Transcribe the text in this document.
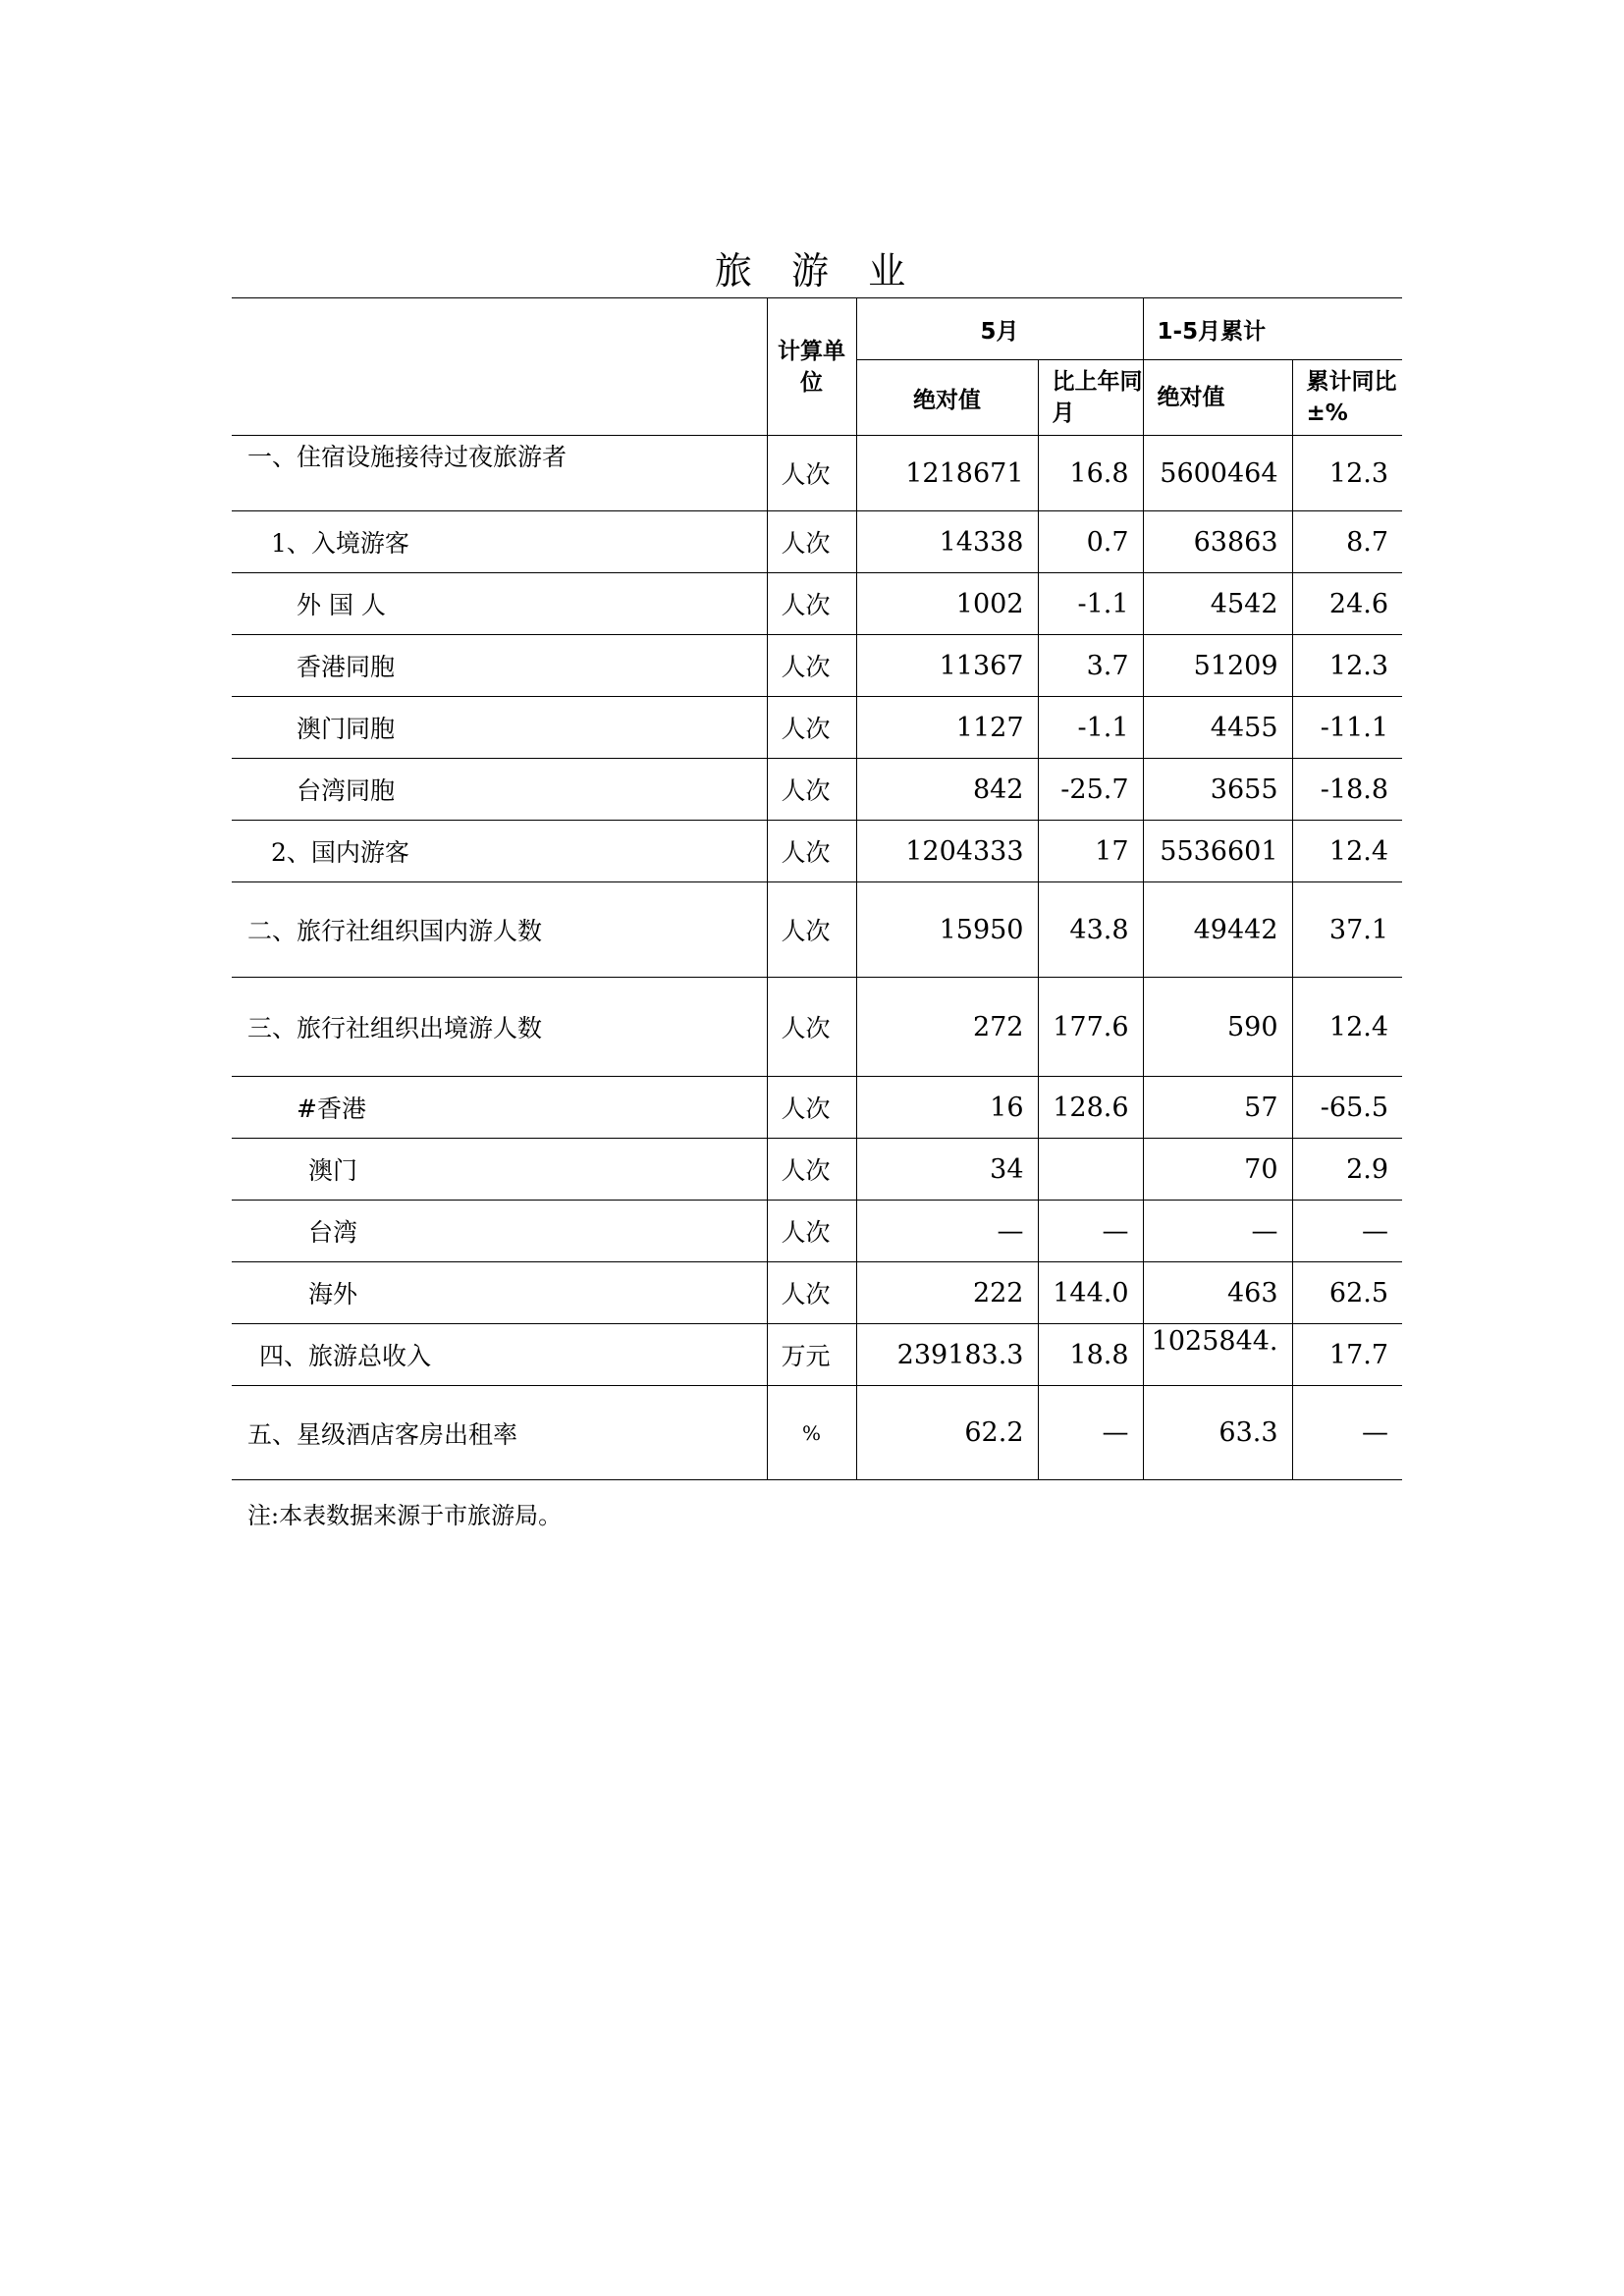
旅 游 业
	计算单位	5月		1-5月累计	
		绝对值	比上年同月	绝对值	累计同比±%
一、住宿设施接待过夜旅游者	人次	1218671	16.8	5600464	12.3
1、入境游客	人次	14338	0.7	63863	8.7
外 国 人	人次	1002	-1.1	4542	24.6
香港同胞	人次	11367	3.7	51209	12.3
澳门同胞	人次	1127	-1.1	4455	-11.1
台湾同胞	人次	842	-25.7	3655	-18.8
2、国内游客	人次	1204333	17	5536601	12.4
二、旅行社组织国内游人数	人次	15950	43.8	49442	37.1
三、旅行社组织出境游人数	人次	272	177.6	590	12.4
#香港	人次	16	128.6	57	-65.5
澳门	人次	34		70	2.9
台湾	人次	—	—	—	—
海外	人次	222	144.0	463	62.5
四、旅游总收入	万元	239183.3	18.8	1025844.	17.7
五、星级酒店客房出租率	%	62.2	—	63.3	—
注:本表数据来源于市旅游局。
